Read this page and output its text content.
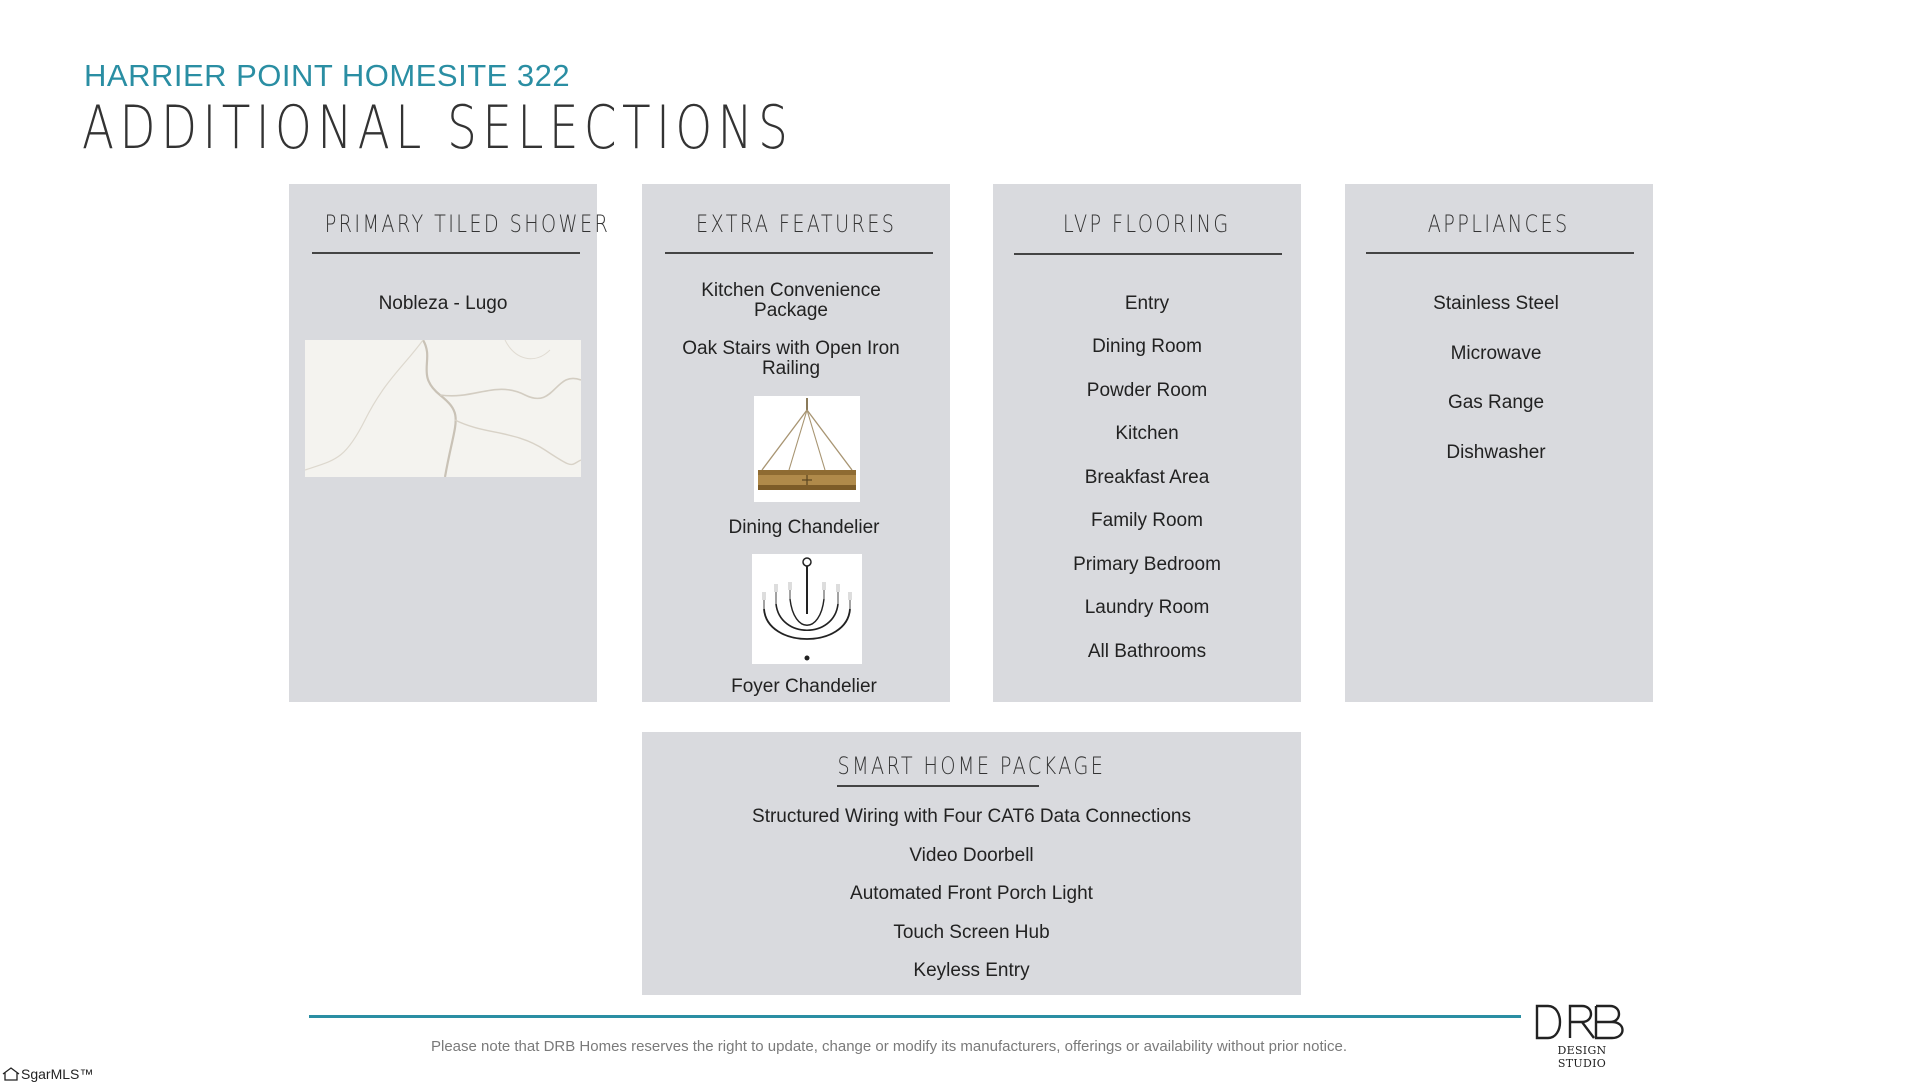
HARRIER POINT HOMESITE 322
ADDITIONAL SELECTIONS
PRIMARY TILED SHOWER
Nobleza - Lugo
EXTRA FEATURES
Kitchen Convenience Package
Oak Stairs with Open Iron Railing
Dining Chandelier
Foyer Chandelier
LVP FLOORING
Entry
Dining Room
Powder Room
Kitchen
Breakfast Area
Family Room
Primary Bedroom
Laundry Room
All Bathrooms
APPLIANCES
Stainless Steel
Microwave
Gas Range
Dishwasher
SMART HOME PACKAGE
Structured Wiring with Four CAT6 Data Connections
Video Doorbell
Automated Front Porch Light
Touch Screen Hub
Keyless Entry
Please note that DRB Homes reserves the right to update, change or modify its manufacturers, offerings or availability without prior notice.	DESIGN STUDIO
SgarMLS™
